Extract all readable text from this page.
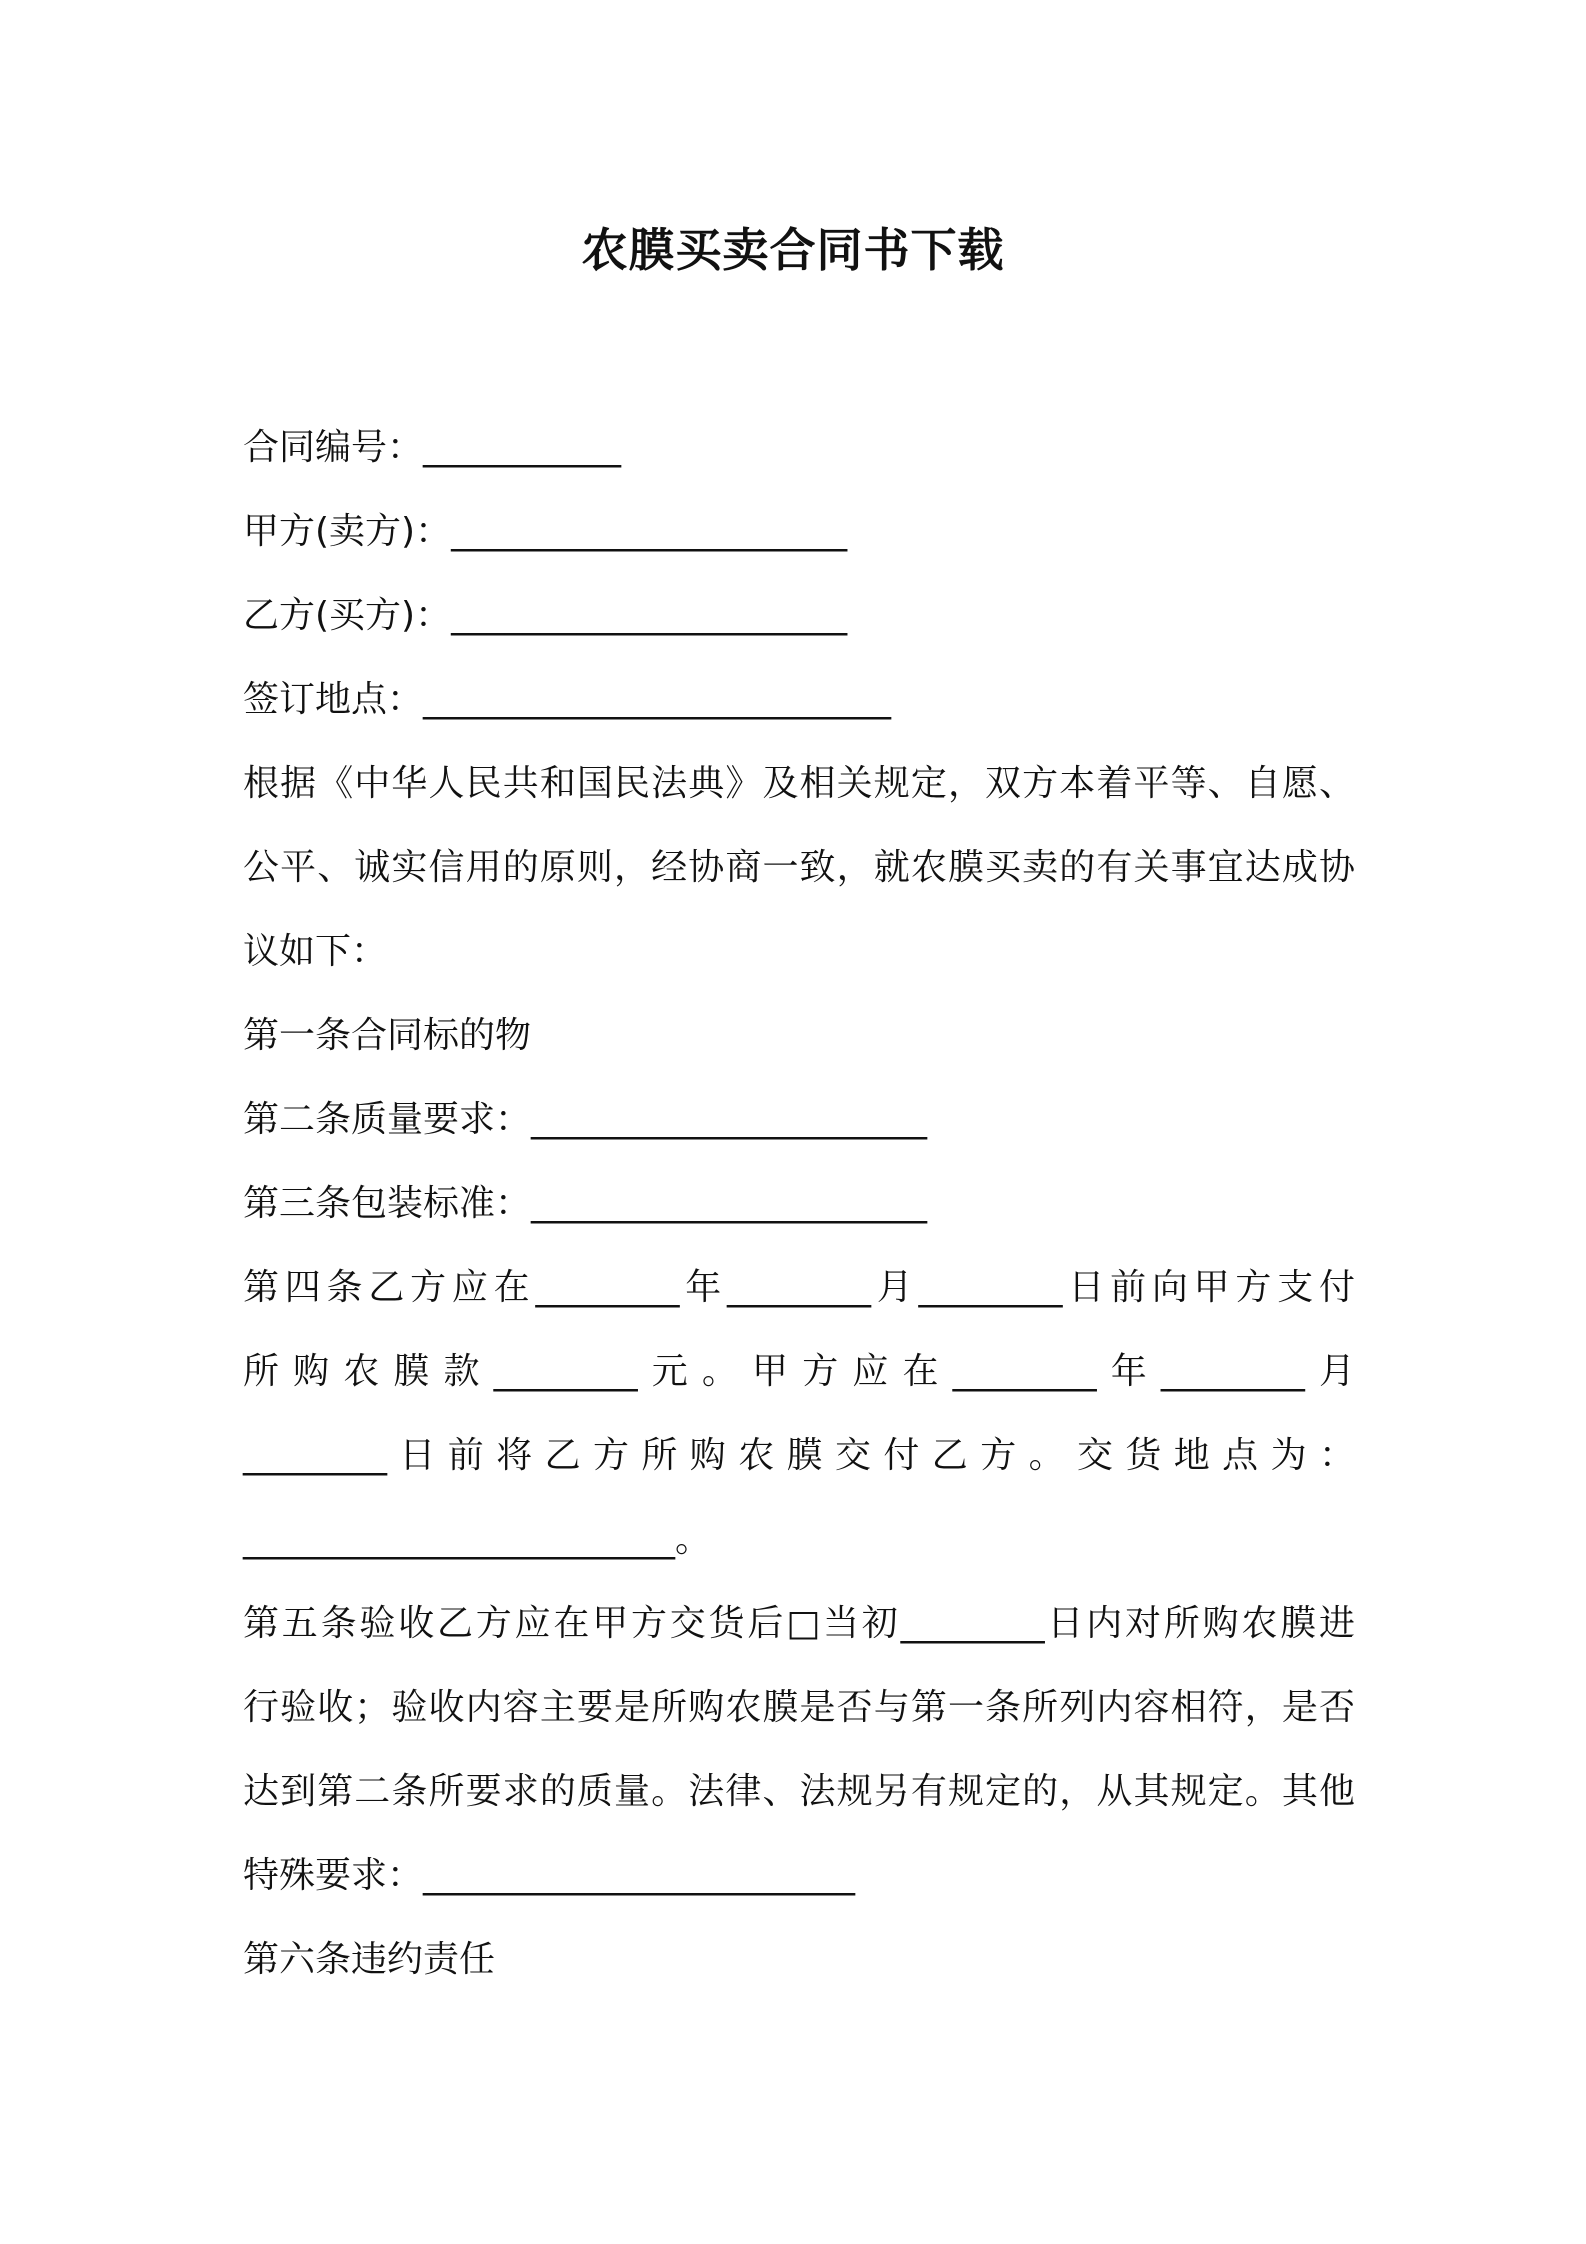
农膜买卖合同书下载
合同编号：___________
甲方(卖方)：______________________
乙方(买方)：______________________
签订地点：__________________________
根据《中华人民共和国民法典》及相关规定，双方本着平等、自愿、
公平、诚实信用的原则，经协商一致，就农膜买卖的有关事宜达成协
议如下：
第一条合同标的物
第二条质量要求：______________________
第三条包装标准：______________________
第四条乙方应在________年________月________日前向甲方支付
所购农膜款________元。甲方应在________年________月
________日前将乙方所购农膜交付乙方。交货地点为：
________________________。
第五条验收乙方应在甲方交货后□当初________日内对所购农膜进
行验收；验收内容主要是所购农膜是否与第一条所列内容相符，是否
达到第二条所要求的质量。法律、法规另有规定的，从其规定。其他
特殊要求：________________________
第六条违约责任
